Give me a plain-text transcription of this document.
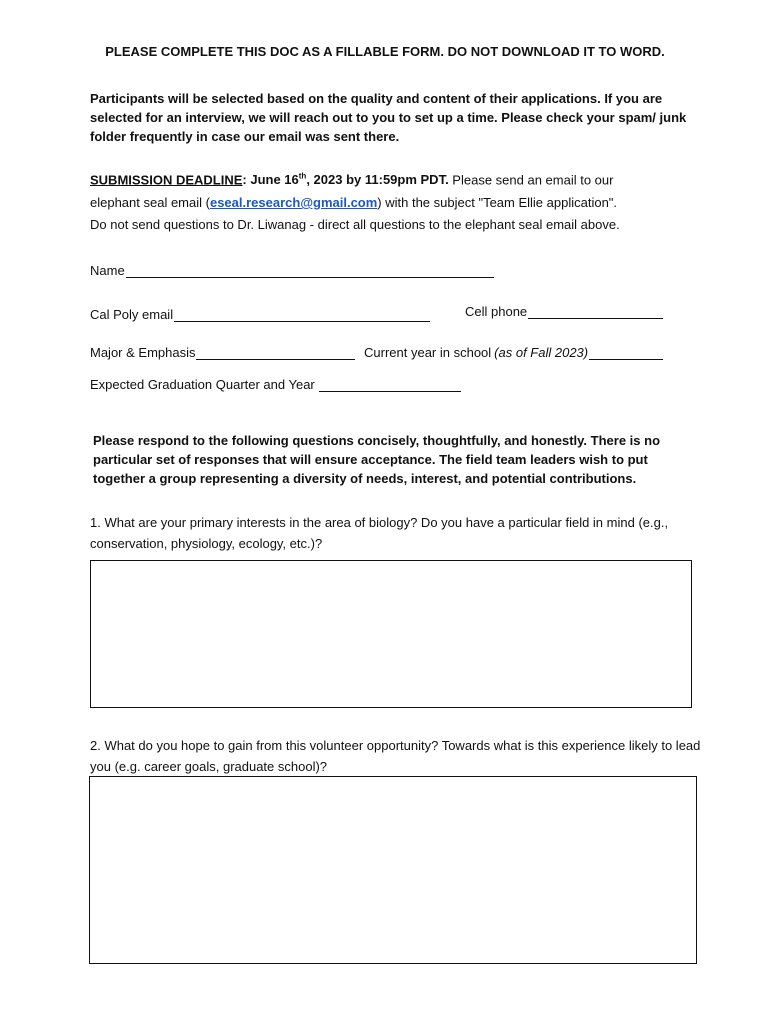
PLEASE COMPLETE THIS DOC AS A FILLABLE FORM. DO NOT DOWNLOAD IT TO WORD.
Participants will be selected based on the quality and content of their applications. If you are selected for an interview, we will reach out to you to set up a time. Please check your spam/ junk folder frequently in case our email was sent there.
SUBMISSION DEADLINE: June 16th, 2023 by 11:59pm PDT. Please send an email to our
elephant seal email (eseal.research@gmail.com) with the subject "Team Ellie application".
Do not send questions to Dr. Liwanag - direct all questions to the elephant seal email above.
Name
Cal Poly email	Cell phone
Major & Emphasis	Current year in school (as of Fall 2023)
Expected Graduation Quarter and Year
Please respond to the following questions concisely, thoughtfully, and honestly. There is no particular set of responses that will ensure acceptance. The field team leaders wish to put together a group representing a diversity of needs, interest, and potential contributions.
1. What are your primary interests in the area of biology? Do you have a particular field in mind (e.g., conservation, physiology, ecology, etc.)?
2. What do you hope to gain from this volunteer opportunity? Towards what is this experience likely to lead you (e.g. career goals, graduate school)?
